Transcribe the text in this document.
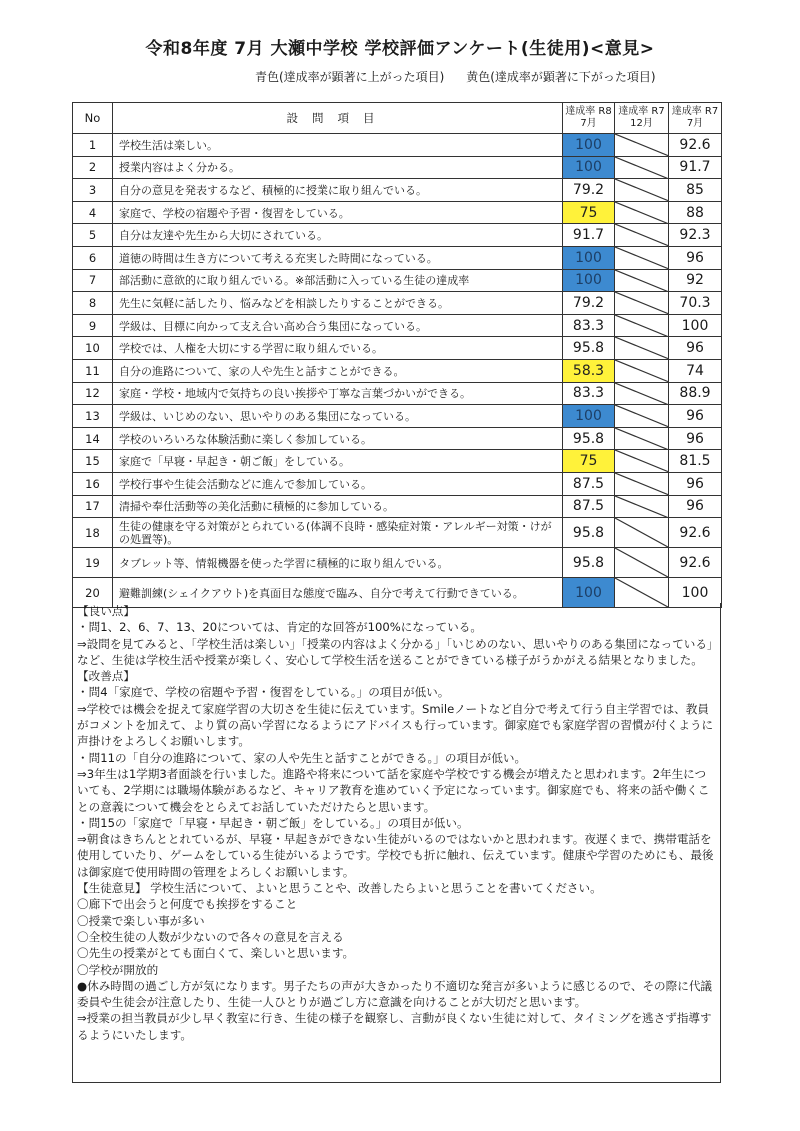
令和8年度 7月 大瀬中学校 学校評価アンケート(生徒用)<意見>
青色(達成率が顕著に上がった項目) 黄色(達成率が顕著に下がった項目)
No	設問項目	達成率 R8 7月	達成率 R7 12月	達成率 R7 7月
1	学校生活は楽しい。	100		92.6
2	授業内容はよく分かる。	100		91.7
3	自分の意見を発表するなど、積極的に授業に取り組んでいる。	79.2		85
4	家庭で、学校の宿題や予習・復習をしている。	75		88
5	自分は友達や先生から大切にされている。	91.7		92.3
6	道徳の時間は生き方について考える充実した時間になっている。	100		96
7	部活動に意欲的に取り組んでいる。※部活動に入っている生徒の達成率	100		92
8	先生に気軽に話したり、悩みなどを相談したりすることができる。	79.2		70.3
9	学級は、目標に向かって支え合い高め合う集団になっている。	83.3		100
10	学校では、人権を大切にする学習に取り組んでいる。	95.8		96
11	自分の進路について、家の人や先生と話すことができる。	58.3		74
12	家庭・学校・地域内で気持ちの良い挨拶や丁寧な言葉づかいができる。	83.3		88.9
13	学級は、いじめのない、思いやりのある集団になっている。	100		96
14	学校のいろいろな体験活動に楽しく参加している。	95.8		96
15	家庭で「早寝・早起き・朝ご飯」をしている。	75		81.5
16	学校行事や生徒会活動などに進んで参加している。	87.5		96
17	清掃や奉仕活動等の美化活動に積極的に参加している。	87.5		96
18	生徒の健康を守る対策がとられている(体調不良時・感染症対策・アレルギー対策・けがの処置等)。	95.8		92.6
19	タブレット等、情報機器を使った学習に積極的に取り組んでいる。	95.8		92.6
20	避難訓練(シェイクアウト)を真面目な態度で臨み、自分で考えて行動できている。	100		100

【良い点】

・問1、2、6、7、13、20については、肯定的な回答が100%になっている。

⇒設問を見てみると、「学校生活は楽しい」「授業の内容はよく分かる」「いじめのない、思いやりのある集団になっている」など、生徒は学校生活や授業が楽しく、安心して学校生活を送ることができている様子がうかがえる結果となりました。

【改善点】

・問4「家庭で、学校の宿題や予習・復習をしている。」の項目が低い。

⇒学校では機会を捉えて家庭学習の大切さを生徒に伝えています。Smileノートなど自分で考えて行う自主学習では、教員がコメントを加えて、より質の高い学習になるようにアドバイスも行っています。御家庭でも家庭学習の習慣が付くように声掛けをよろしくお願いします。

・問11の「自分の進路について、家の人や先生と話すことができる。」の項目が低い。

⇒3年生は1学期3者面談を行いました。進路や将来について話を家庭や学校でする機会が増えたと思われます。2年生についても、2学期には職場体験があるなど、キャリア教育を進めていく予定になっています。御家庭でも、将来の話や働くことの意義について機会をとらえてお話していただけたらと思います。

・問15の「家庭で「早寝・早起き・朝ご飯」をしている。」の項目が低い。

⇒朝食はきちんととれているが、早寝・早起きができない生徒がいるのではないかと思われます。夜遅くまで、携帯電話を使用していたり、ゲームをしている生徒がいるようです。学校でも折に触れ、伝えています。健康や学習のためにも、最後は御家庭で使用時間の管理をよろしくお願いします。

【生徒意見】 学校生活について、よいと思うことや、改善したらよいと思うことを書いてください。

〇廊下で出会うと何度でも挨拶をすること

〇授業で楽しい事が多い

〇全校生徒の人数が少ないので各々の意見を言える

〇先生の授業がとても面白くて、楽しいと思います。

〇学校が開放的

●休み時間の過ごし方が気になります。男子たちの声が大きかったり不適切な発言が多いように感じるので、その際に代議委員や生徒会が注意したり、生徒一人ひとりが過ごし方に意識を向けることが大切だと思います。

⇒授業の担当教員が少し早く教室に行き、生徒の様子を観察し、言動が良くない生徒に対して、タイミングを逃さず指導するようにいたします。
